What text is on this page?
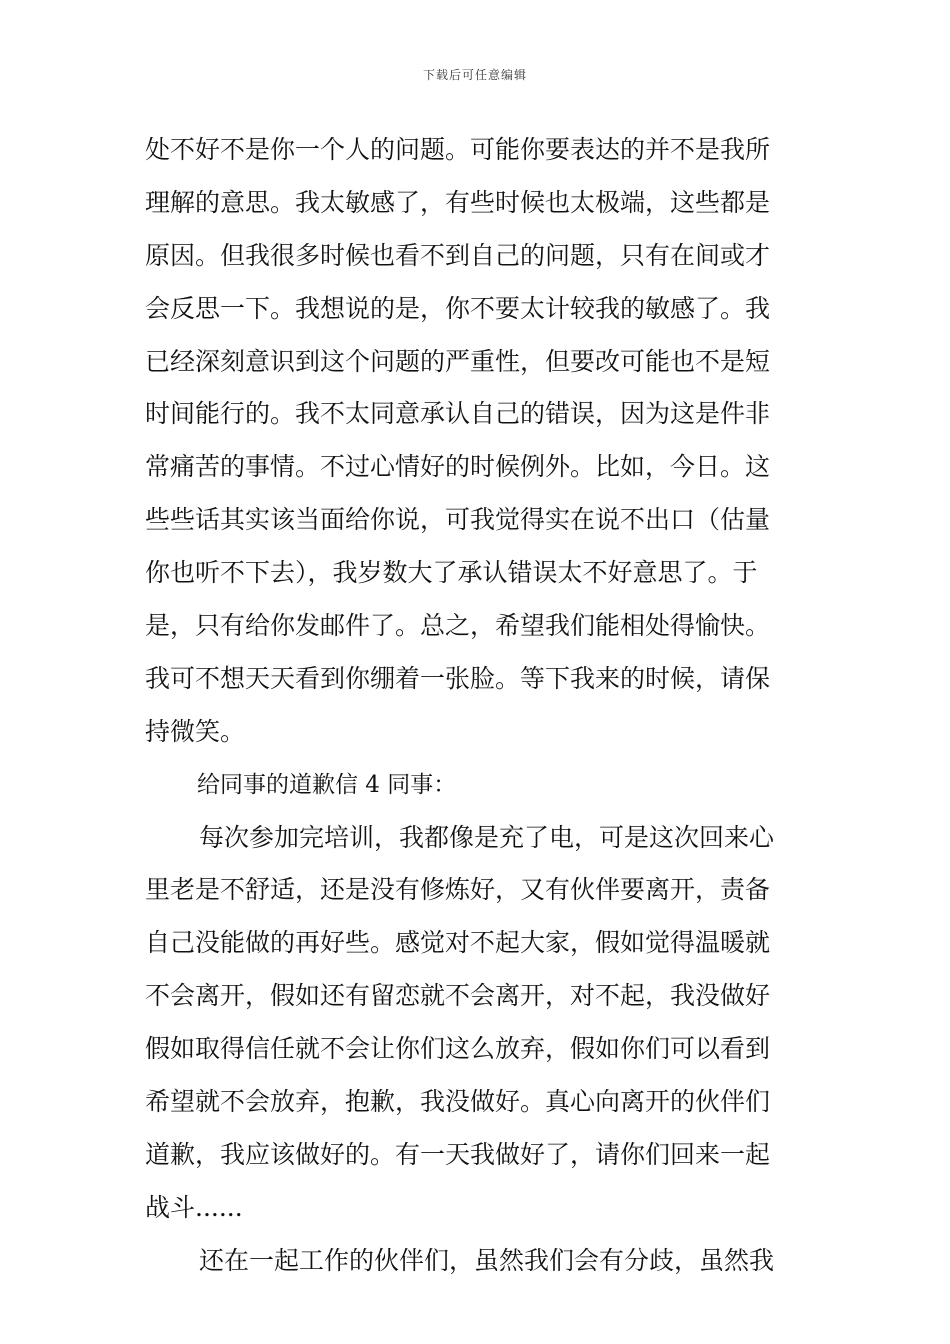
下载后可任意编辑
处不好不是你一个人的问题。可能你要表达的并不是我所
理解的意思。我太敏感了，有些时候也太极端，这些都是
原因。但我很多时候也看不到自己的问题，只有在间或才
会反思一下。我想说的是，你不要太计较我的敏感了。我
已经深刻意识到这个问题的严重性，但要改可能也不是短
时间能行的。我不太同意承认自己的错误，因为这是件非
常痛苦的事情。不过心情好的时候例外。比如，今日。这
些些话其实该当面给你说，可我觉得实在说不出口（估量
你也听不下去），我岁数大了承认错误太不好意思了。于
是，只有给你发邮件了。总之，希望我们能相处得愉快。
我可不想天天看到你绷着一张脸。等下我来的时候，请保
持微笑。
给同事的道歉信 4 同事：
每次参加完培训，我都像是充了电，可是这次回来心
里老是不舒适，还是没有修炼好，又有伙伴要离开，责备
自己没能做的再好些。感觉对不起大家，假如觉得温暖就
不会离开，假如还有留恋就不会离开，对不起，我没做好
假如取得信任就不会让你们这么放弃，假如你们可以看到
希望就不会放弃，抱歉，我没做好。真心向离开的伙伴们
道歉，我应该做好的。有一天我做好了，请你们回来一起
战斗......
还在一起工作的伙伴们，虽然我们会有分歧，虽然我
